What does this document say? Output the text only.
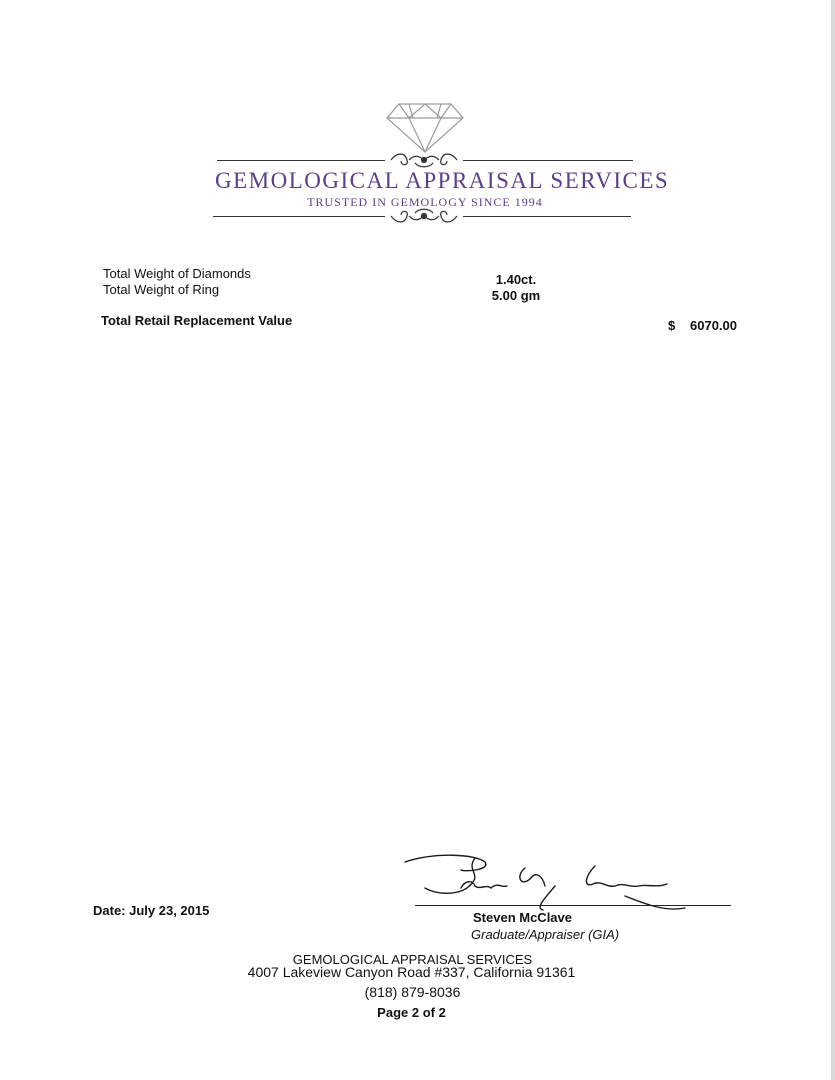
GEMOLOGICAL APPRAISAL SERVICES
TRUSTED IN GEMOLOGY SINCE 1994
Total Weight of Diamonds	1.40ct.
Total Weight of Ring	5.00 gm
Total Retail Replacement Value	$ 6070.00
Date: July 23, 2015	Steven McClave
Graduate/Appraiser (GIA)
GEMOLOGICAL APPRAISAL SERVICES
4007 Lakeview Canyon Road #337, California 91361
(818) 879-8036
Page 2 of 2
